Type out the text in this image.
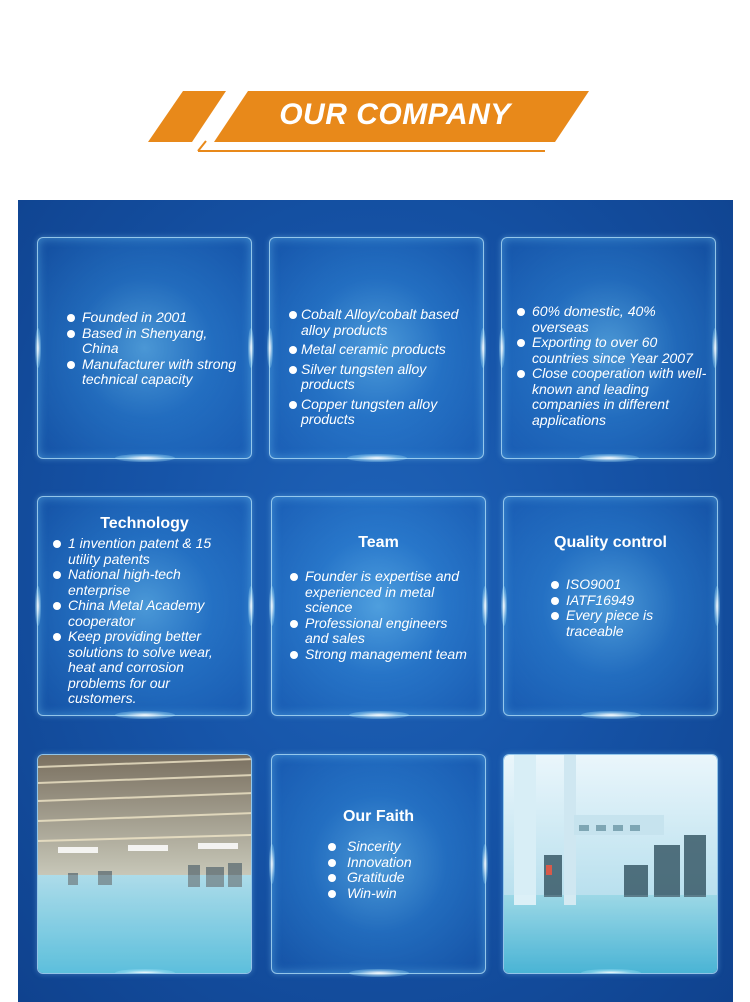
OUR COMPANY
Founded in 2001
Based in Shenyang, China
Manufacturer with strong technical capacity
Cobalt Alloy/cobalt based alloy products
Metal ceramic products
Silver tungsten alloy products
Copper tungsten alloy products
60% domestic, 40% overseas
Exporting to over 60 countries since Year 2007
Close cooperation with well-known and leading companies in different applications
Technology
1 invention patent & 15 utility patents
National high-tech enterprise
China Metal Academy cooperator
Keep providing better solutions to solve wear, heat and corrosion problems for our customers.
Team
Founder is expertise and experienced in metal science
Professional engineers and sales
Strong management team
Quality control
ISO9001
IATF16949
Every piece is traceable
Our Faith
Sincerity
Innovation
Gratitude
Win-win
